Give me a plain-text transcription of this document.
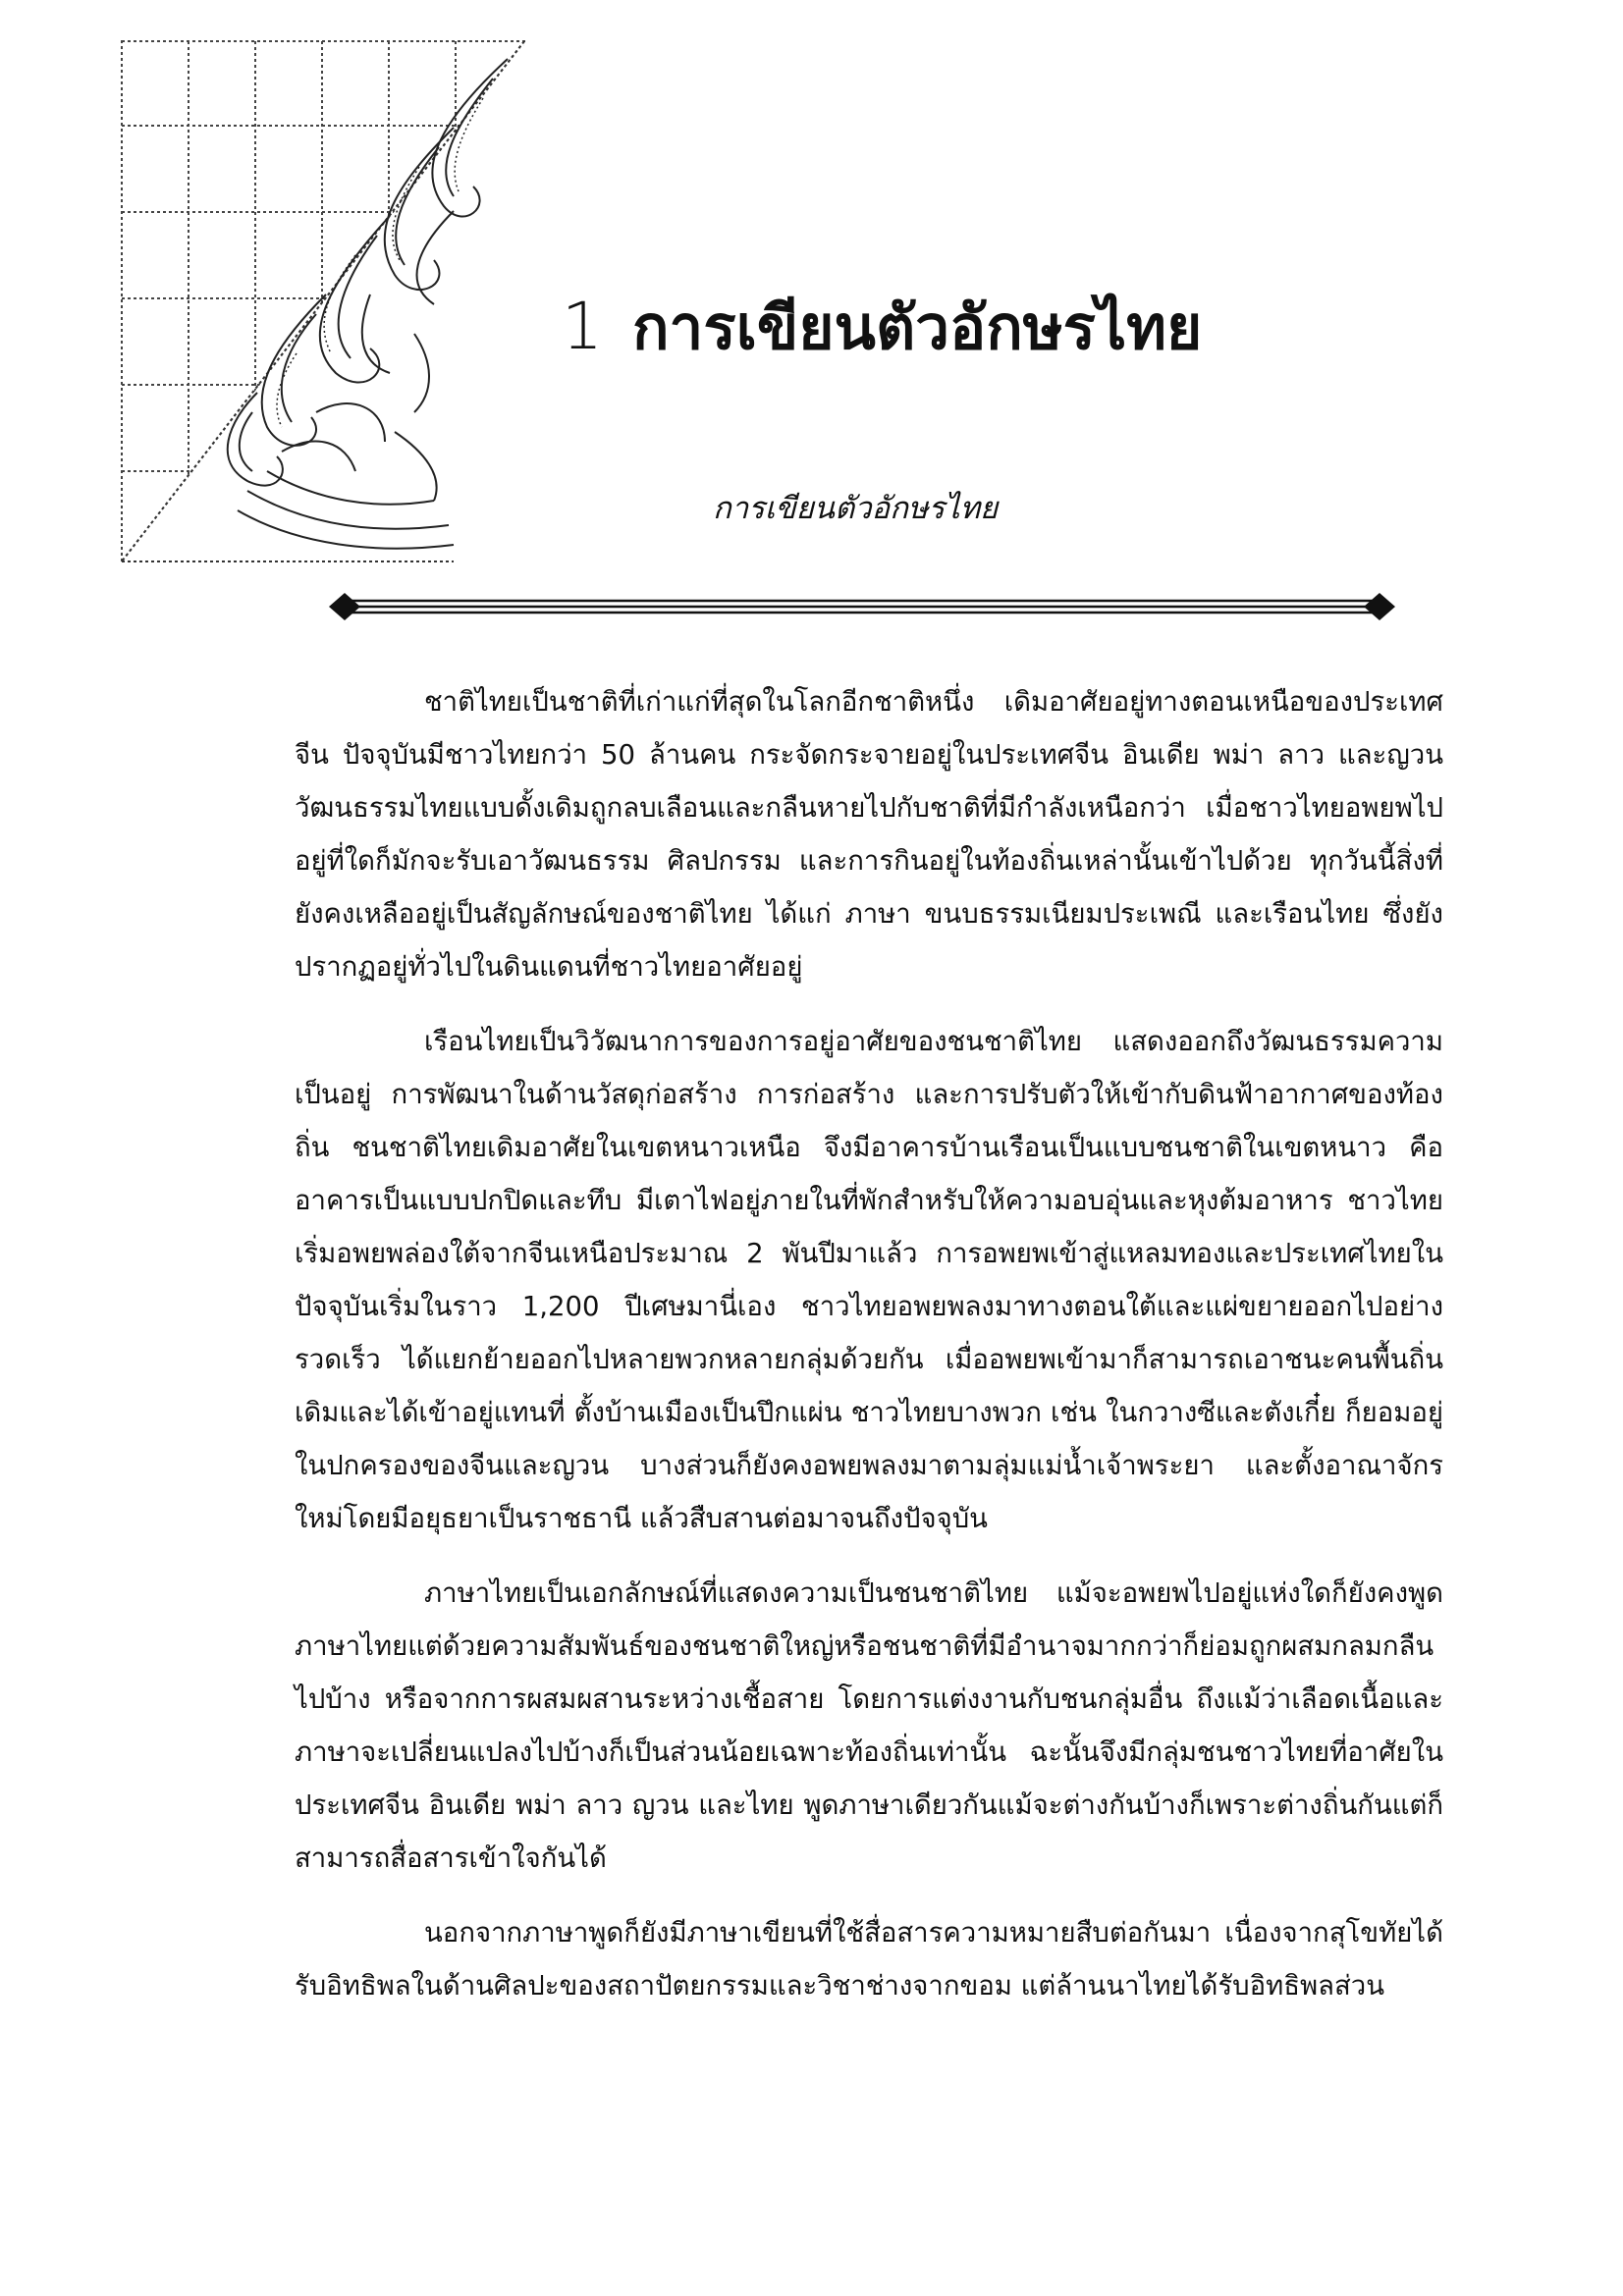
1 การเขียนตัวอักษรไทย
การเขียนตัวอักษรไทย

ชาติไทยเป็นชาติที่เก่าแก่ที่สุดในโลกอีกชาติหนึ่ง เดิมอาศัยอยู่ทางตอนเหนือของประเทศจีน ปัจจุบันมีชาวไทยกว่า 50 ล้านคน กระจัดกระจายอยู่ในประเทศจีน อินเดีย พม่า ลาว และญวน วัฒนธรรมไทยแบบดั้งเดิมถูกลบเลือนและกลืนหายไปกับชาติที่มีกำลังเหนือกว่า เมื่อชาวไทยอพยพไปอยู่ที่ใดก็มักจะรับเอาวัฒนธรรม ศิลปกรรม และการกินอยู่ในท้องถิ่นเหล่านั้นเข้าไปด้วย ทุกวันนี้สิ่งที่ยังคงเหลืออยู่เป็นสัญลักษณ์ของชาติไทย ได้แก่ ภาษา ขนบธรรมเนียมประเพณี และเรือนไทย ซึ่งยังปรากฏอยู่ทั่วไปในดินแดนที่ชาวไทยอาศัยอยู่

เรือนไทยเป็นวิวัฒนาการของการอยู่อาศัยของชนชาติไทย แสดงออกถึงวัฒนธรรมความเป็นอยู่ การพัฒนาในด้านวัสดุก่อสร้าง การก่อสร้าง และการปรับตัวให้เข้ากับดินฟ้าอากาศของท้องถิ่น ชนชาติไทยเดิมอาศัยในเขตหนาวเหนือ จึงมีอาคารบ้านเรือนเป็นแบบชนชาติในเขตหนาว คือ อาคารเป็นแบบปกปิดและทึบ มีเตาไฟอยู่ภายในที่พักสำหรับให้ความอบอุ่นและหุงต้มอาหาร ชาวไทยเริ่มอพยพล่องใต้จากจีนเหนือประมาณ 2 พันปีมาแล้ว การอพยพเข้าสู่แหลมทองและประเทศไทยในปัจจุบันเริ่มในราว 1,200 ปีเศษมานี่เอง ชาวไทยอพยพลงมาทางตอนใต้และแผ่ขยายออกไปอย่างรวดเร็ว ได้แยกย้ายออกไปหลายพวกหลายกลุ่มด้วยกัน เมื่ออพยพเข้ามาก็สามารถเอาชนะคนพื้นถิ่นเดิมและได้เข้าอยู่แทนที่ ตั้งบ้านเมืองเป็นปึกแผ่น ชาวไทยบางพวก เช่น ในกวางซีและตังเกี๋ย ก็ยอมอยู่ในปกครองของจีนและญวน บางส่วนก็ยังคงอพยพลงมาตามลุ่มแม่น้ำเจ้าพระยา และตั้งอาณาจักรใหม่โดยมีอยุธยาเป็นราชธานี แล้วสืบสานต่อมาจนถึงปัจจุบัน

ภาษาไทยเป็นเอกลักษณ์ที่แสดงความเป็นชนชาติไทย แม้จะอพยพไปอยู่แห่งใดก็ยังคงพูดภาษาไทยแต่ด้วยความสัมพันธ์ของชนชาติใหญ่หรือชนชาติที่มีอำนาจมากกว่าก็ย่อมถูกผสมกลมกลืนไปบ้าง หรือจากการผสมผสานระหว่างเชื้อสาย โดยการแต่งงานกับชนกลุ่มอื่น ถึงแม้ว่าเลือดเนื้อและภาษาจะเปลี่ยนแปลงไปบ้างก็เป็นส่วนน้อยเฉพาะท้องถิ่นเท่านั้น ฉะนั้นจึงมีกลุ่มชนชาวไทยที่อาศัยในประเทศจีน อินเดีย พม่า ลาว ญวน และไทย พูดภาษาเดียวกันแม้จะต่างกันบ้างก็เพราะต่างถิ่นกันแต่ก็สามารถสื่อสารเข้าใจกันได้

นอกจากภาษาพูดก็ยังมีภาษาเขียนที่ใช้สื่อสารความหมายสืบต่อกันมา เนื่องจากสุโขทัยได้รับอิทธิพลในด้านศิลปะของสถาปัตยกรรมและวิชาช่างจากขอม แต่ล้านนาไทยได้รับอิทธิพลส่วน
